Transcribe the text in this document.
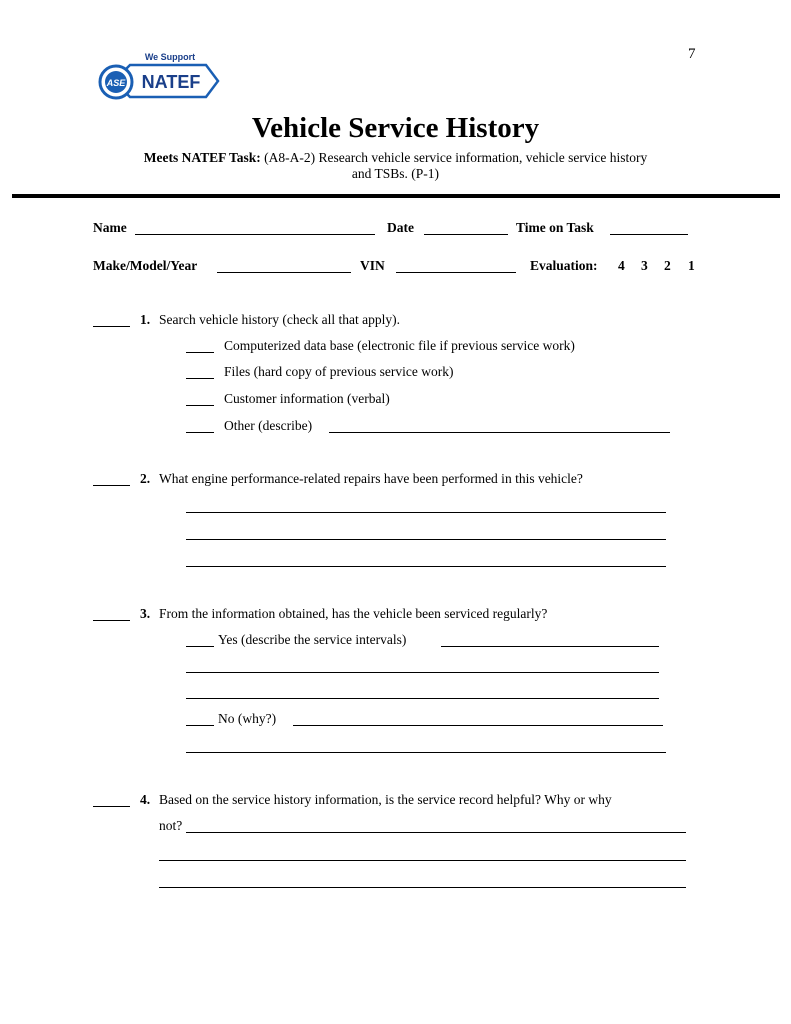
7
ASE NATEF
We Support
Vehicle Service History
Meets NATEF Task: (A8-A-2) Research vehicle service information, vehicle service history
and TSBs. (P-1)
Name	Date	Time on Task
Make/Model/Year	VIN	Evaluation: 4 3 2 1
1. Search vehicle history (check all that apply).
Computerized data base (electronic file if previous service work)
Files (hard copy of previous service work)
Customer information (verbal)
Other (describe)
2. What engine performance-related repairs have been performed in this vehicle?
3. From the information obtained, has the vehicle been serviced regularly?
Yes (describe the service intervals)
No (why?)
4. Based on the service history information, is the service record helpful? Why or why
not?
